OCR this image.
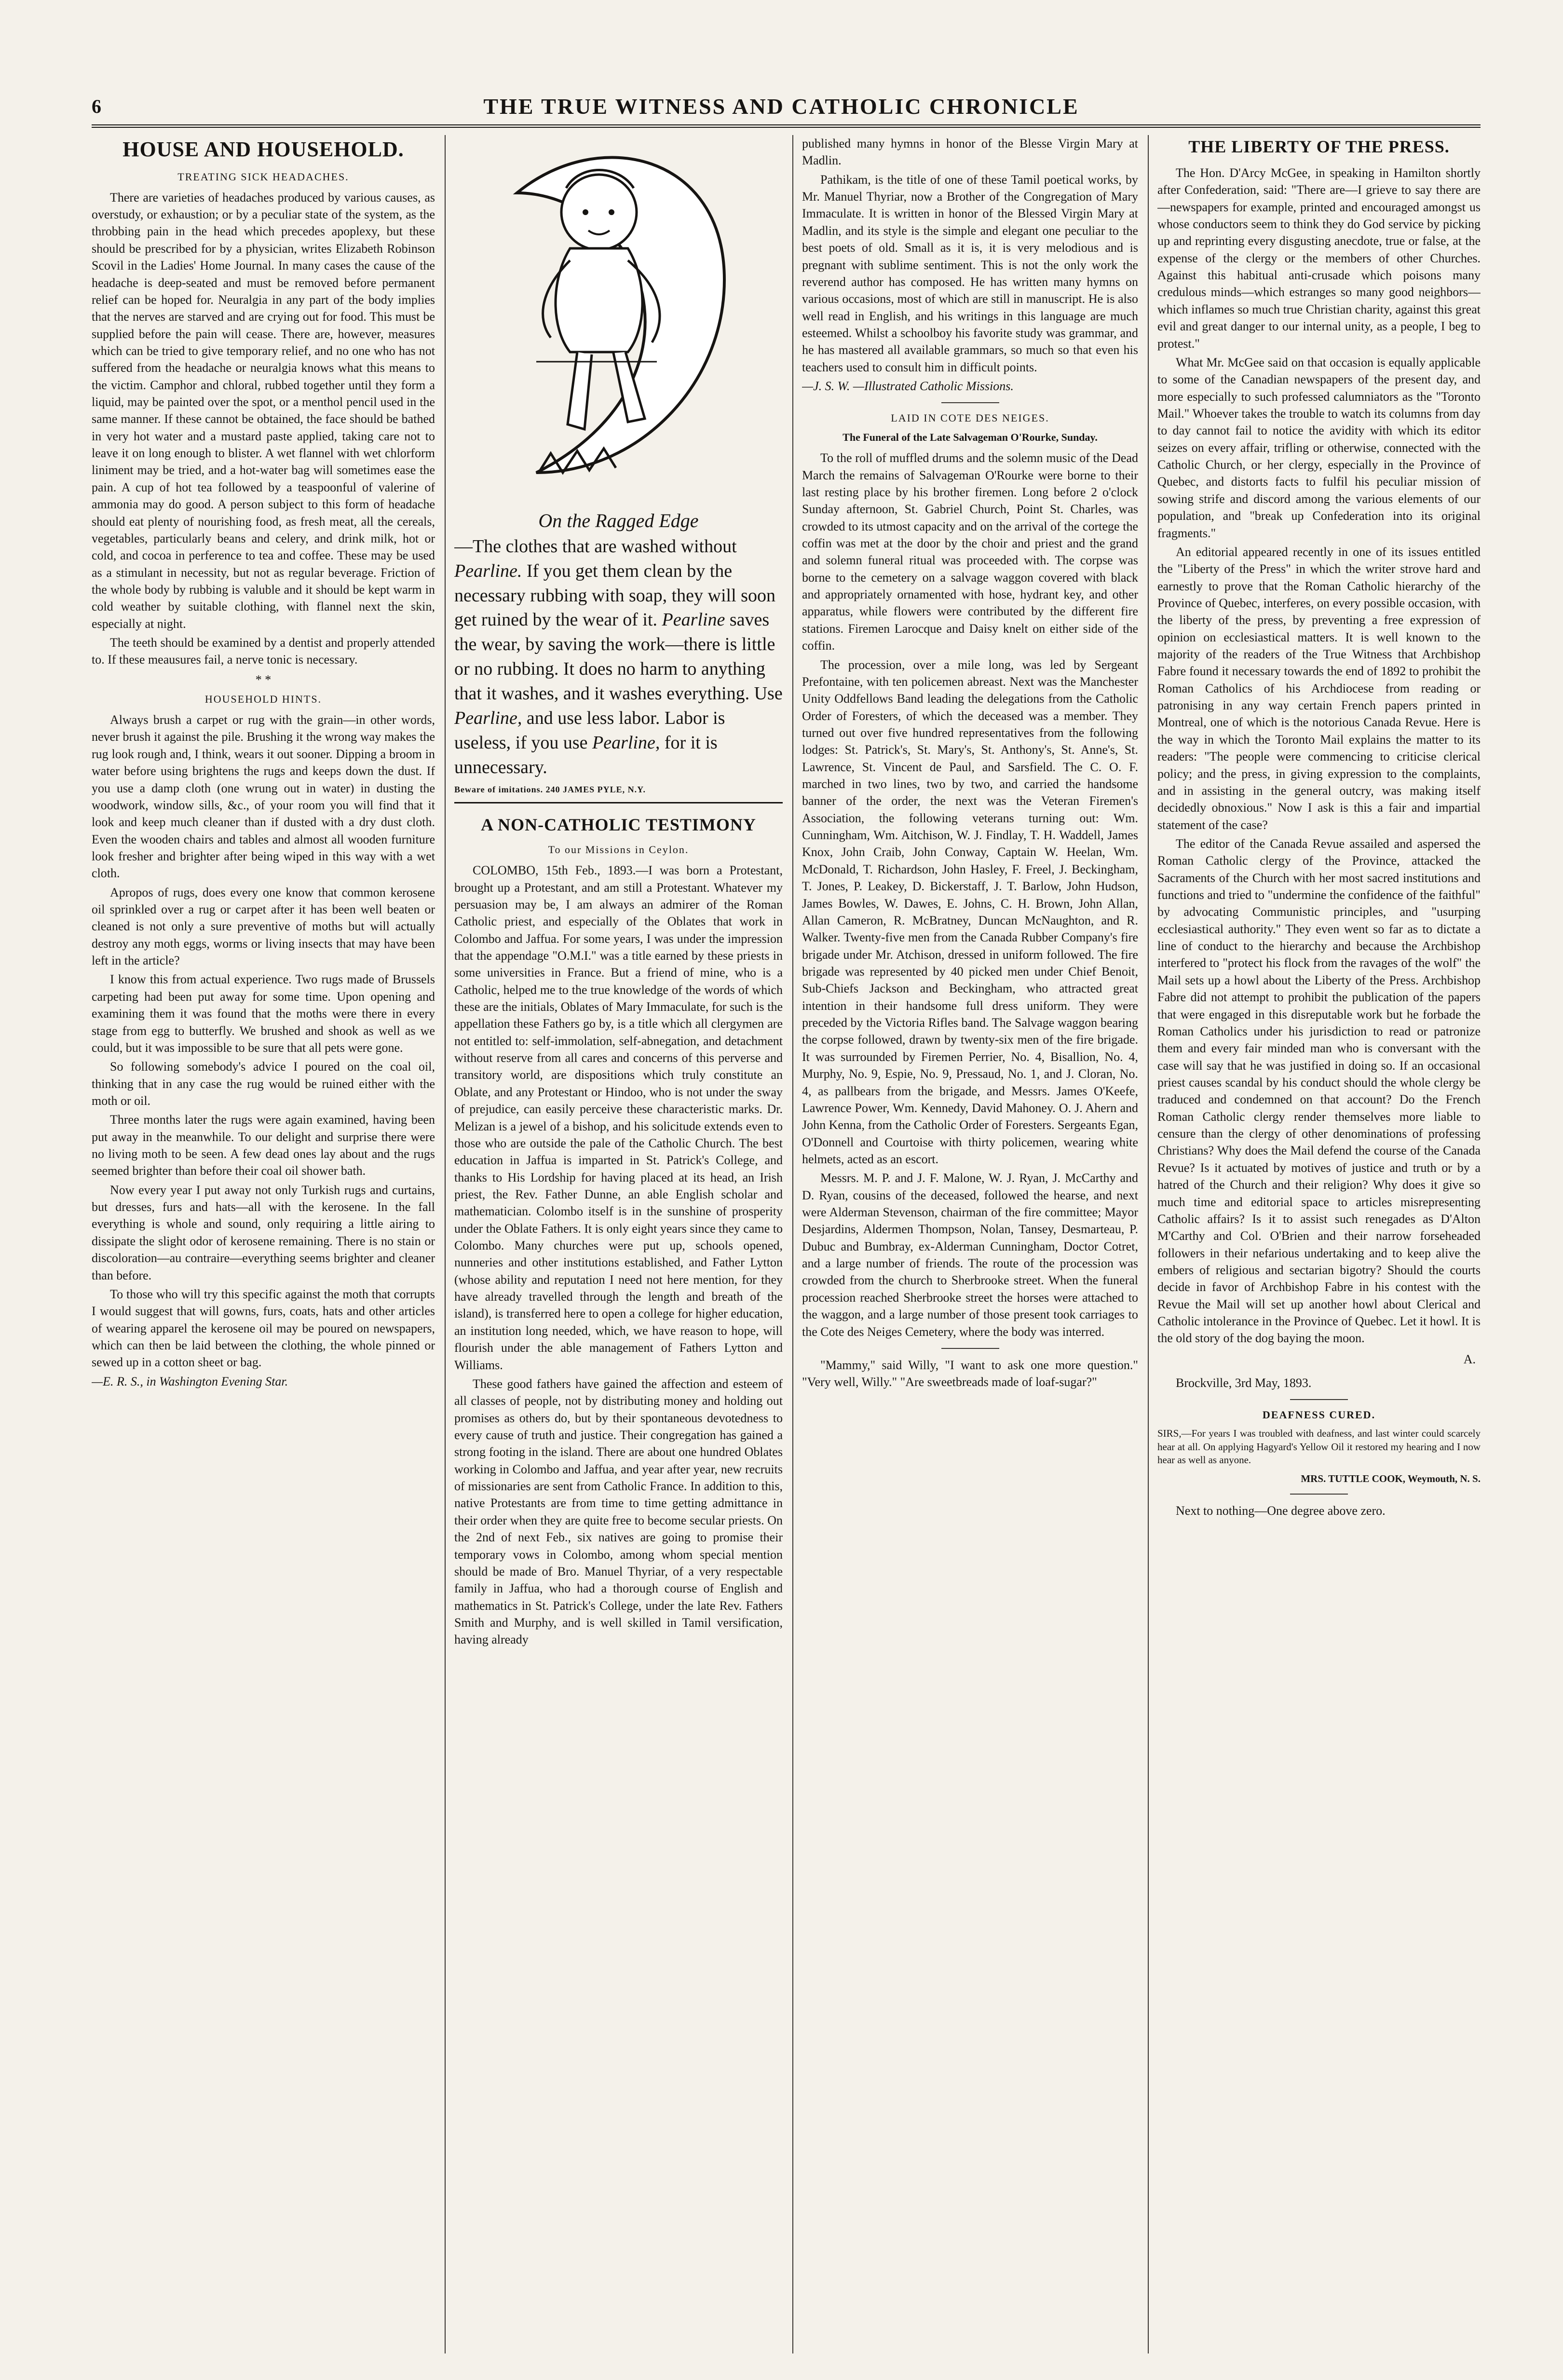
6	THE TRUE WITNESS AND CATHOLIC CHRONICLE
HOUSE AND HOUSEHOLD.
TREATING SICK HEADACHES.

There are varieties of headaches produced by various causes, as overstudy, or exhaustion; or by a peculiar state of the system, as the throbbing pain in the head which precedes apoplexy, but these should be prescribed for by a physician, writes Elizabeth Robinson Scovil in the Ladies' Home Journal. In many cases the cause of the headache is deep-seated and must be removed before permanent relief can be hoped for. Neuralgia in any part of the body implies that the nerves are starved and are crying out for food. This must be supplied before the pain will cease. There are, however, measures which can be tried to give temporary relief, and no one who has not suffered from the headache or neuralgia knows what this means to the victim. Camphor and chloral, rubbed together until they form a liquid, may be painted over the spot, or a menthol pencil used in the same manner. If these cannot be obtained, the face should be bathed in very hot water and a mustard paste applied, taking care not to leave it on long enough to blister. A wet flannel with wet chlorform liniment may be tried, and a hot-water bag will sometimes ease the pain. A cup of hot tea followed by a teaspoonful of valerine of ammonia may do good. A person subject to this form of headache should eat plenty of nourishing food, as fresh meat, all the cereals, vegetables, particularly beans and celery, and drink milk, hot or cold, and cocoa in perference to tea and coffee. These may be used as a stimulant in necessity, but not as regular beverage. Friction of the whole body by rubbing is valuble and it should be kept warm in cold weather by suitable clothing, with flannel next the skin, especially at night.

The teeth should be examined by a dentist and properly attended to. If these meausures fail, a nerve tonic is necessary.

* *
HOUSEHOLD HINTS.

Always brush a carpet or rug with the grain—in other words, never brush it against the pile. Brushing it the wrong way makes the rug look rough and, I think, wears it out sooner. Dipping a broom in water before using brightens the rugs and keeps down the dust. If you use a damp cloth (one wrung out in water) in dusting the woodwork, window sills, &c., of your room you will find that it look and keep much cleaner than if dusted with a dry dust cloth. Even the wooden chairs and tables and almost all wooden furniture look fresher and brighter after being wiped in this way with a wet cloth.

Apropos of rugs, does every one know that common kerosene oil sprinkled over a rug or carpet after it has been well beaten or cleaned is not only a sure preventive of moths but will actually destroy any moth eggs, worms or living insects that may have been left in the article?

I know this from actual experience. Two rugs made of Brussels carpeting had been put away for some time. Upon opening and examining them it was found that the moths were there in every stage from egg to butterfly. We brushed and shook as well as we could, but it was impossible to be sure that all pets were gone.

So following somebody's advice I poured on the coal oil, thinking that in any case the rug would be ruined either with the moth or oil.

Three months later the rugs were again examined, having been put away in the meanwhile. To our delight and surprise there were no living moth to be seen. A few dead ones lay about and the rugs seemed brighter than before their coal oil shower bath.

Now every year I put away not only Turkish rugs and curtains, but dresses, furs and hats—all with the kerosene. In the fall everything is whole and sound, only requiring a little airing to dissipate the slight odor of kerosene remaining. There is no stain or discoloration—au contraire—everything seems brighter and cleaner than before.

To those who will try this specific against the moth that corrupts I would suggest that will gowns, furs, coats, hats and other articles of wearing apparel the kerosene oil may be poured on newspapers, which can then be laid between the clothing, the whole pinned or sewed up in a cotton sheet or bag.

—E. R. S., in Washington Evening Star.
On the Ragged Edge
—The clothes that are washed without Pearline. If you get them clean by the necessary rubbing with soap, they will soon get ruined by the wear of it. Pearline saves the wear, by saving the work—there is little or no rubbing. It does no harm to anything that it washes, and it washes everything. Use Pearline, and use less labor. Labor is useless, if you use Pearline, for it is unnecessary.
Beware of imitations. 240 JAMES PYLE, N.Y.
A NON-CATHOLIC TESTIMONY
To our Missions in Ceylon.

COLOMBO, 15th Feb., 1893.—I was born a Protestant, brought up a Protestant, and am still a Protestant. Whatever my persuasion may be, I am always an admirer of the Roman Catholic priest, and especially of the Oblates that work in Colombo and Jaffua. For some years, I was under the impression that the appendage "O.M.I." was a title earned by these priests in some universities in France. But a friend of mine, who is a Catholic, helped me to the true knowledge of the words of which these are the initials, Oblates of Mary Immaculate, for such is the appellation these Fathers go by, is a title which all clergymen are not entitled to: self-immolation, self-abnegation, and detachment without reserve from all cares and concerns of this perverse and transitory world, are dispositions which truly constitute an Oblate, and any Protestant or Hindoo, who is not under the sway of prejudice, can easily perceive these characteristic marks. Dr. Melizan is a jewel of a bishop, and his solicitude extends even to those who are outside the pale of the Catholic Church. The best education in Jaffua is imparted in St. Patrick's College, and thanks to His Lordship for having placed at its head, an Irish priest, the Rev. Father Dunne, an able English scholar and mathematician. Colombo itself is in the sunshine of prosperity under the Oblate Fathers. It is only eight years since they came to Colombo. Many churches were put up, schools opened, nunneries and other institutions established, and Father Lytton (whose ability and reputation I need not here mention, for they have already travelled through the length and breath of the island), is transferred here to open a college for higher education, an institution long needed, which, we have reason to hope, will flourish under the able management of Fathers Lytton and Williams.

These good fathers have gained the affection and esteem of all classes of people, not by distributing money and holding out promises as others do, but by their spontaneous devotedness to every cause of truth and justice. Their congregation has gained a strong footing in the island. There are about one hundred Oblates working in Colombo and Jaffua, and year after year, new recruits of missionaries are sent from Catholic France. In addition to this, native Protestants are from time to time getting admittance in their order when they are quite free to become secular priests. On the 2nd of next Feb., six natives are going to promise their temporary vows in Colombo, among whom special mention should be made of Bro. Manuel Thyriar, of a very respectable family in Jaffua, who had a thorough course of English and mathematics in St. Patrick's College, under the late Rev. Fathers Smith and Murphy, and is well skilled in Tamil versification, having already

published many hymns in honor of the Blesse Virgin Mary at Madlin.

Pathikam, is the title of one of these Tamil poetical works, by Mr. Manuel Thyriar, now a Brother of the Congregation of Mary Immaculate. It is written in honor of the Blessed Virgin Mary at Madlin, and its style is the simple and elegant one peculiar to the best poets of old. Small as it is, it is very melodious and is pregnant with sublime sentiment. This is not the only work the reverend author has composed. He has written many hymns on various occasions, most of which are still in manuscript. He is also well read in English, and his writings in this language are much esteemed. Whilst a schoolboy his favorite study was grammar, and he has mastered all available grammars, so much so that even his teachers used to consult him in difficult points.

—J. S. W. —Illustrated Catholic Missions.
LAID IN COTE DES NEIGES.
The Funeral of the Late Salvageman O'Rourke, Sunday.

To the roll of muffled drums and the solemn music of the Dead March the remains of Salvageman O'Rourke were borne to their last resting place by his brother firemen. Long before 2 o'clock Sunday afternoon, St. Gabriel Church, Point St. Charles, was crowded to its utmost capacity and on the arrival of the cortege the coffin was met at the door by the choir and priest and the grand and solemn funeral ritual was proceeded with. The corpse was borne to the cemetery on a salvage waggon covered with black and appropriately ornamented with hose, hydrant key, and other apparatus, while flowers were contributed by the different fire stations. Firemen Larocque and Daisy knelt on either side of the coffin.

The procession, over a mile long, was led by Sergeant Prefontaine, with ten policemen abreast. Next was the Manchester Unity Oddfellows Band leading the delegations from the Catholic Order of Foresters, of which the deceased was a member. They turned out over five hundred representatives from the following lodges: St. Patrick's, St. Mary's, St. Anthony's, St. Anne's, St. Lawrence, St. Vincent de Paul, and Sarsfield. The C. O. F. marched in two lines, two by two, and carried the handsome banner of the order, the next was the Veteran Firemen's Association, the following veterans turning out: Wm. Cunningham, Wm. Aitchison, W. J. Findlay, T. H. Waddell, James Knox, John Craib, John Conway, Captain W. Heelan, Wm. McDonald, T. Richardson, John Hasley, F. Freel, J. Beckingham, T. Jones, P. Leakey, D. Bickerstaff, J. T. Barlow, John Hudson, James Bowles, W. Dawes, E. Johns, C. H. Brown, John Allan, Allan Cameron, R. McBratney, Duncan McNaughton, and R. Walker. Twenty-five men from the Canada Rubber Company's fire brigade under Mr. Atchison, dressed in uniform followed. The fire brigade was represented by 40 picked men under Chief Benoit, Sub-Chiefs Jackson and Beckingham, who attracted great intention in their handsome full dress uniform. They were preceded by the Victoria Rifles band. The Salvage waggon bearing the corpse followed, drawn by twenty-six men of the fire brigade. It was surrounded by Firemen Perrier, No. 4, Bisallion, No. 4, Murphy, No. 9, Espie, No. 9, Pressaud, No. 1, and J. Cloran, No. 4, as pallbears from the brigade, and Messrs. James O'Keefe, Lawrence Power, Wm. Kennedy, David Mahoney. O. J. Ahern and John Kenna, from the Catholic Order of Foresters. Sergeants Egan, O'Donnell and Courtoise with thirty policemen, wearing white helmets, acted as an escort.

Messrs. M. P. and J. F. Malone, W. J. Ryan, J. McCarthy and D. Ryan, cousins of the deceased, followed the hearse, and next were Alderman Stevenson, chairman of the fire committee; Mayor Desjardins, Aldermen Thompson, Nolan, Tansey, Desmarteau, P. Dubuc and Bumbray, ex-Alderman Cunningham, Doctor Cotret, and a large number of friends. The route of the procession was crowded from the church to Sherbrooke street. When the funeral procession reached Sherbrooke street the horses were attached to the waggon, and a large number of those present took carriages to the Cote des Neiges Cemetery, where the body was interred.

"Mammy," said Willy, "I want to ask one more question." "Very well, Willy." "Are sweetbreads made of loaf-sugar?"

THE LIBERTY OF THE PRESS.

The Hon. D'Arcy McGee, in speaking in Hamilton shortly after Confederation, said: "There are—I grieve to say there are—newspapers for example, printed and encouraged amongst us whose conductors seem to think they do God service by picking up and reprinting every disgusting anecdote, true or false, at the expense of the clergy or the members of other Churches. Against this habitual anti-crusade which poisons many credulous minds—which estranges so many good neighbors—which inflames so much true Christian charity, against this great evil and great danger to our internal unity, as a people, I beg to protest."

What Mr. McGee said on that occasion is equally applicable to some of the Canadian newspapers of the present day, and more especially to such professed calumniators as the "Toronto Mail." Whoever takes the trouble to watch its columns from day to day cannot fail to notice the avidity with which its editor seizes on every affair, trifling or otherwise, connected with the Catholic Church, or her clergy, especially in the Province of Quebec, and distorts facts to fulfil his peculiar mission of sowing strife and discord among the various elements of our population, and "break up Confederation into its original fragments."

An editorial appeared recently in one of its issues entitled the "Liberty of the Press" in which the writer strove hard and earnestly to prove that the Roman Catholic hierarchy of the Province of Quebec, interferes, on every possible occasion, with the liberty of the press, by preventing a free expression of opinion on ecclesiastical matters. It is well known to the majority of the readers of the True Witness that Archbishop Fabre found it necessary towards the end of 1892 to prohibit the Roman Catholics of his Archdiocese from reading or patronising in any way certain French papers printed in Montreal, one of which is the notorious Canada Revue. Here is the way in which the Toronto Mail explains the matter to its readers: "The people were commencing to criticise clerical policy; and the press, in giving expression to the complaints, and in assisting in the general outcry, was making itself decidedly obnoxious." Now I ask is this a fair and impartial statement of the case?

The editor of the Canada Revue assailed and aspersed the Roman Catholic clergy of the Province, attacked the Sacraments of the Church with her most sacred institutions and functions and tried to "undermine the confidence of the faithful" by advocating Communistic principles, and "usurping ecclesiastical authority." They even went so far as to dictate a line of conduct to the hierarchy and because the Archbishop interfered to "protect his flock from the ravages of the wolf" the Mail sets up a howl about the Liberty of the Press. Archbishop Fabre did not attempt to prohibit the publication of the papers that were engaged in this disreputable work but he forbade the Roman Catholics under his jurisdiction to read or patronize them and every fair minded man who is conversant with the case will say that he was justified in doing so. If an occasional priest causes scandal by his conduct should the whole clergy be traduced and condemned on that account? Do the French Roman Catholic clergy render themselves more liable to censure than the clergy of other denominations of professing Christians? Why does the Mail defend the course of the Canada Revue? Is it actuated by motives of justice and truth or by a hatred of the Church and their religion? Why does it give so much time and editorial space to articles misrepresenting Catholic affairs? Is it to assist such renegades as D'Alton M'Carthy and Col. O'Brien and their narrow forseheaded followers in their nefarious undertaking and to keep alive the embers of religious and sectarian bigotry? Should the courts decide in favor of Archbishop Fabre in his contest with the Revue the Mail will set up another howl about Clerical and Catholic intolerance in the Province of Quebec. Let it howl. It is the old story of the dog baying the moon.

A.
Brockville, 3rd May, 1893.
DEAFNESS CURED.
SIRS,—For years I was troubled with deafness, and last winter could scarcely hear at all. On applying Hagyard's Yellow Oil it restored my hearing and I now hear as well as anyone.
MRS. TUTTLE COOK, Weymouth, N. S.

Next to nothing—One degree above zero.
